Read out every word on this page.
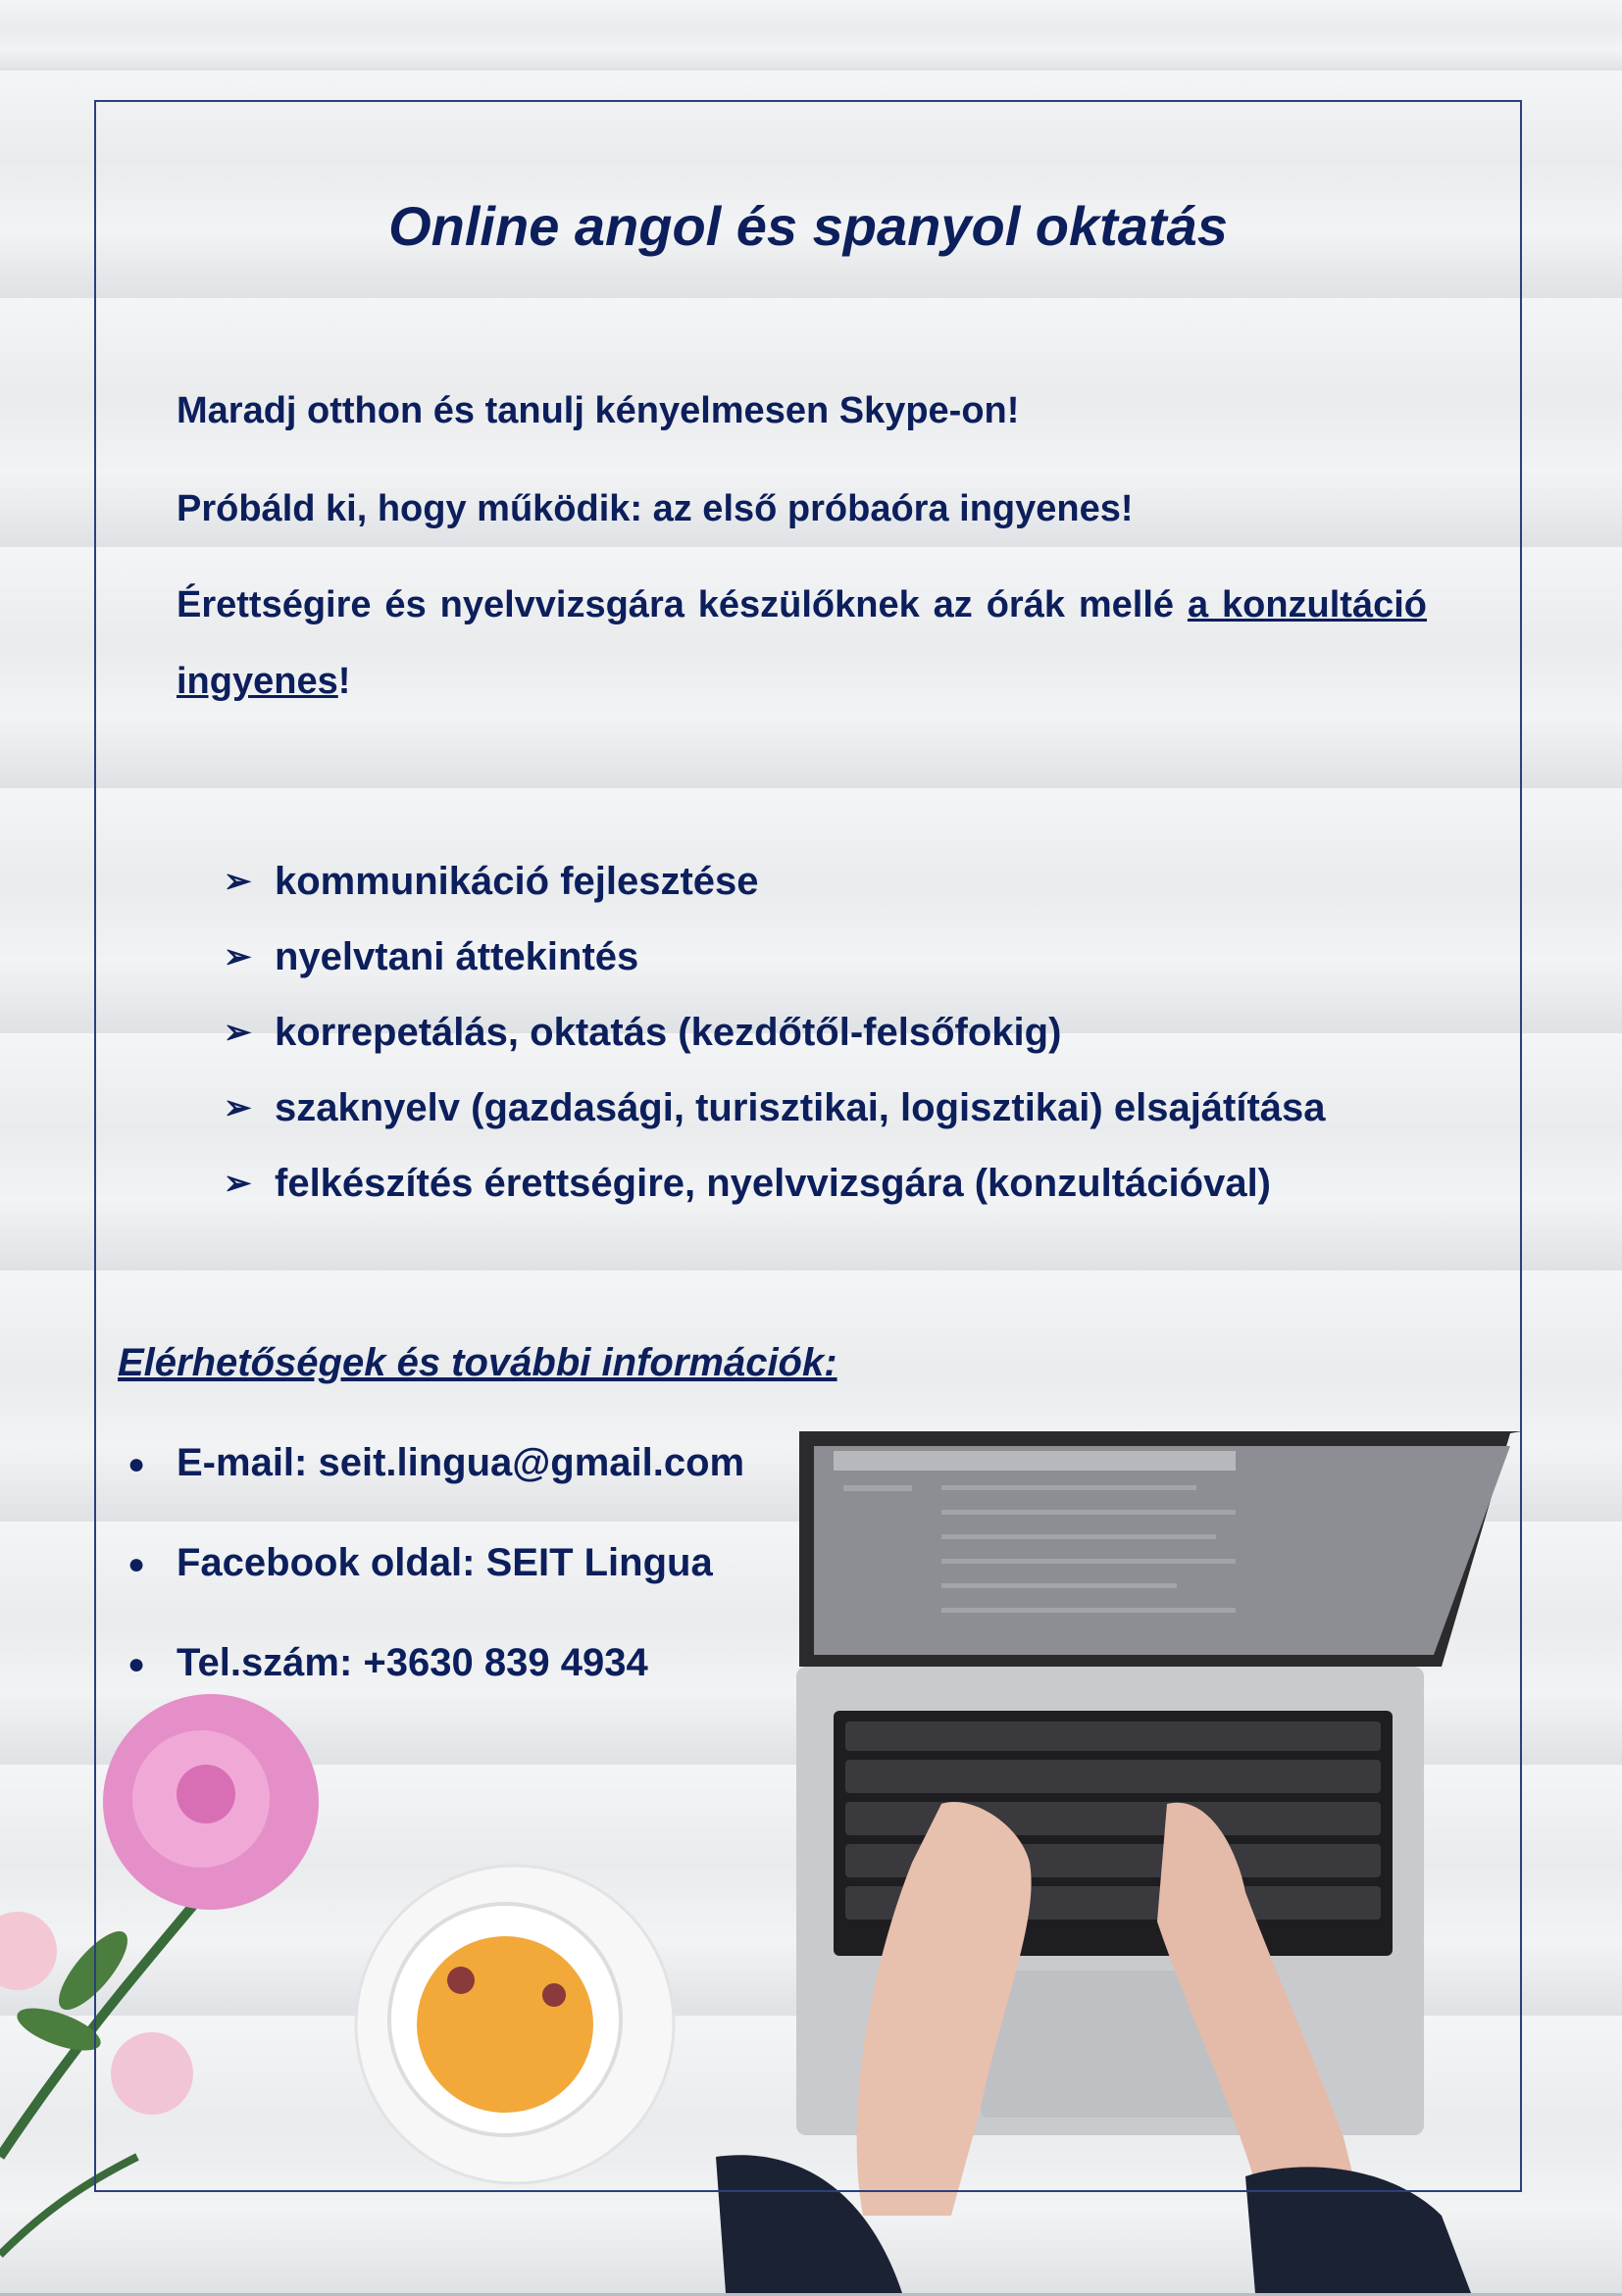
Online angol és spanyol oktatás
Maradj otthon és tanulj kényelmesen Skype-on!
Próbáld ki, hogy működik: az első próbaóra ingyenes!
Érettségire és nyelvvizsgára készülőknek az órák mellé a konzultáció ingyenes!
➢ kommunikáció fejlesztése
➢ nyelvtani áttekintés
➢ korrepetálás, oktatás (kezdőtől-felsőfokig)
➢ szaknyelv (gazdasági, turisztikai, logisztikai) elsajátítása
➢ felkészítés érettségire, nyelvvizsgára (konzultációval)
Elérhetőségek és további információk:
● E-mail: seit.lingua@gmail.com
● Facebook oldal: SEIT Lingua
● Tel.szám: +3630 839 4934
